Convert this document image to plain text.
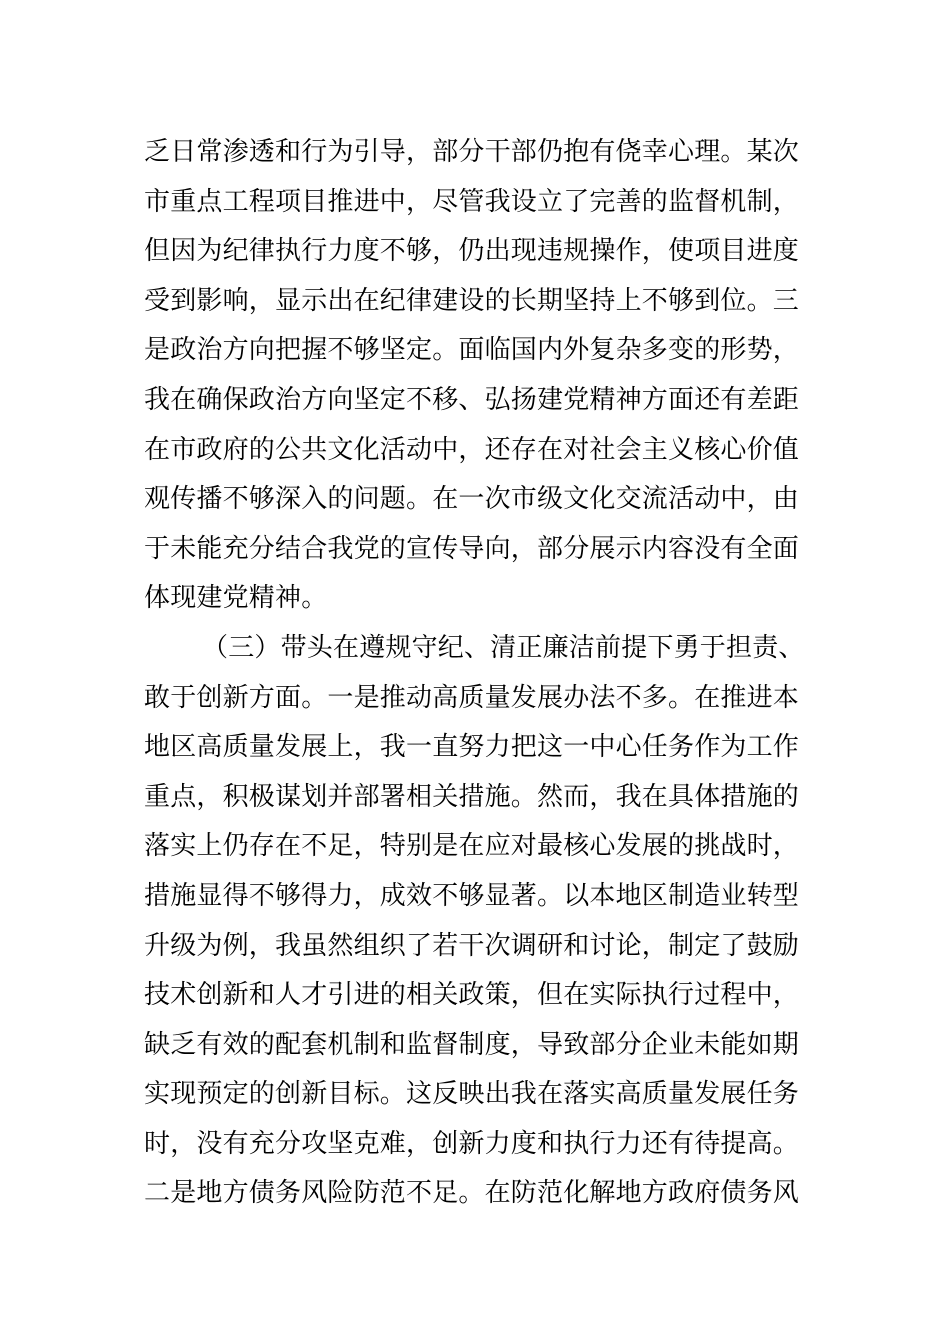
乏日常渗透和行为引导，部分干部仍抱有侥幸心理。某次
市重点工程项目推进中，尽管我设立了完善的监督机制，
但因为纪律执行力度不够，仍出现违规操作，使项目进度
受到影响，显示出在纪律建设的长期坚持上不够到位。三
是政治方向把握不够坚定。面临国内外复杂多变的形势，
我在确保政治方向坚定不移、弘扬建党精神方面还有差距
在市政府的公共文化活动中，还存在对社会主义核心价值
观传播不够深入的问题。在一次市级文化交流活动中，由
于未能充分结合我党的宣传导向，部分展示内容没有全面
体现建党精神。
（三）带头在遵规守纪、清正廉洁前提下勇于担责、
敢于创新方面。一是推动高质量发展办法不多。在推进本
地区高质量发展上，我一直努力把这一中心任务作为工作
重点，积极谋划并部署相关措施。然而，我在具体措施的
落实上仍存在不足，特别是在应对最核心发展的挑战时，
措施显得不够得力，成效不够显著。以本地区制造业转型
升级为例，我虽然组织了若干次调研和讨论，制定了鼓励
技术创新和人才引进的相关政策，但在实际执行过程中，
缺乏有效的配套机制和监督制度，导致部分企业未能如期
实现预定的创新目标。这反映出我在落实高质量发展任务
时，没有充分攻坚克难，创新力度和执行力还有待提高。
二是地方债务风险防范不足。在防范化解地方政府债务风
